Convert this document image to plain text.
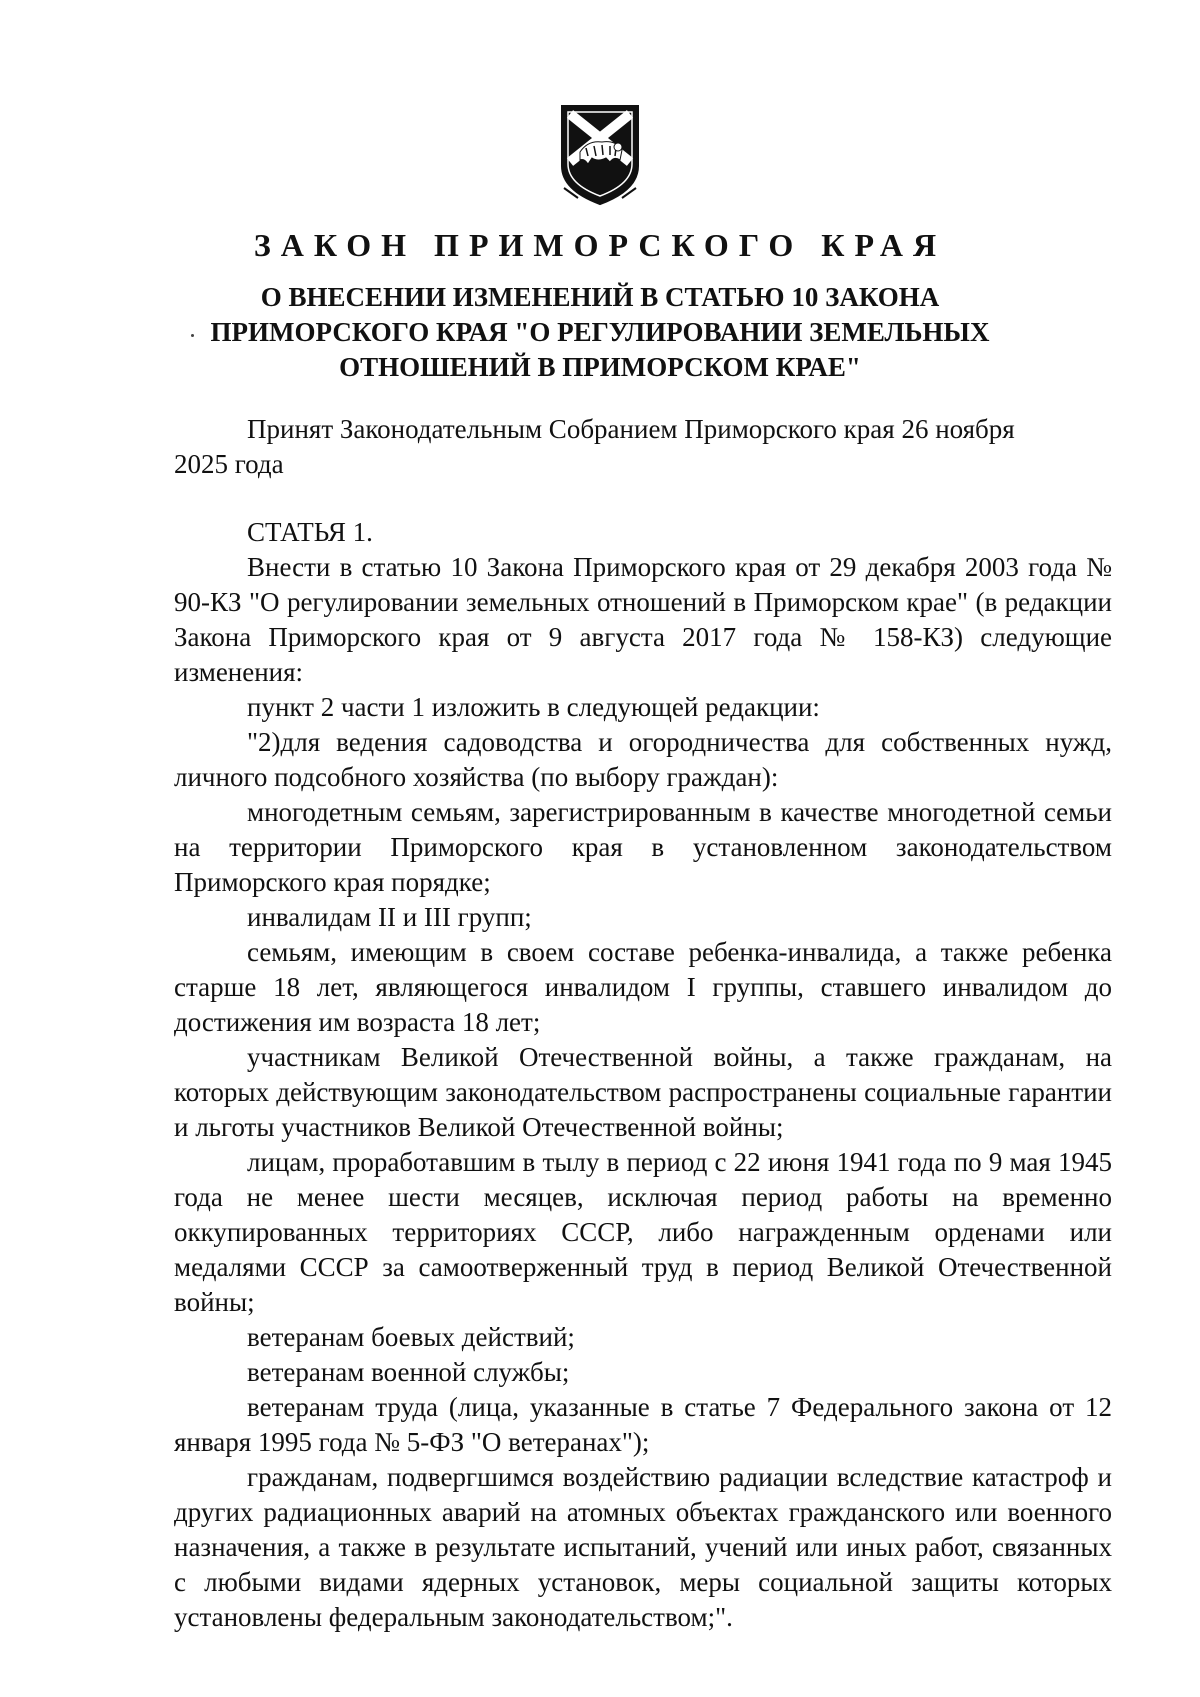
ЗАКОН ПРИМОРСКОГО КРАЯ
О ВНЕСЕНИИ ИЗМЕНЕНИЙ В СТАТЬЮ 10 ЗАКОНА
ПРИМОРСКОГО КРАЯ "О РЕГУЛИРОВАНИИ ЗЕМЕЛЬНЫХ
ОТНОШЕНИЙ В ПРИМОРСКОМ КРАЕ"

Принят Законодательным Собранием Приморского края 26 ноября
2025 года

СТАТЬЯ 1.

Внести в статью 10 Закона Приморского края от 29 декабря 2003 года № 90-КЗ "О регулировании земельных отношений в Приморском крае" (в редакции Закона Приморского края от 9 августа 2017 года № 158-КЗ) следующие изменения:

пункт 2 части 1 изложить в следующей редакции:

"2)для ведения садоводства и огородничества для собственных нужд, личного подсобного хозяйства (по выбору граждан):

многодетным семьям, зарегистрированным в качестве многодетной семьи на территории Приморского края в установленном законодательством Приморского края порядке;

инвалидам II и III групп;

семьям, имеющим в своем составе ребенка-инвалида, а также ребенка старше 18 лет, являющегося инвалидом I группы, ставшего инвалидом до достижения им возраста 18 лет;

участникам Великой Отечественной войны, а также гражданам, на которых действующим законодательством распространены социальные гарантии и льготы участников Великой Отечественной войны;

лицам, проработавшим в тылу в период с 22 июня 1941 года по 9 мая 1945 года не менее шести месяцев, исключая период работы на временно оккупированных территориях СССР, либо награжденным орденами или медалями СССР за самоотверженный труд в период Великой Отечественной войны;

ветеранам боевых действий;

ветеранам военной службы;

ветеранам труда (лица, указанные в статье 7 Федерального закона от 12 января 1995 года № 5-ФЗ "О ветеранах");

гражданам, подвергшимся воздействию радиации вследствие катастроф и других радиационных аварий на атомных объектах гражданского или военного назначения, а также в результате испытаний, учений или иных работ, связанных с любыми видами ядерных установок, меры социальной защиты которых установлены федеральным законодательством;".
